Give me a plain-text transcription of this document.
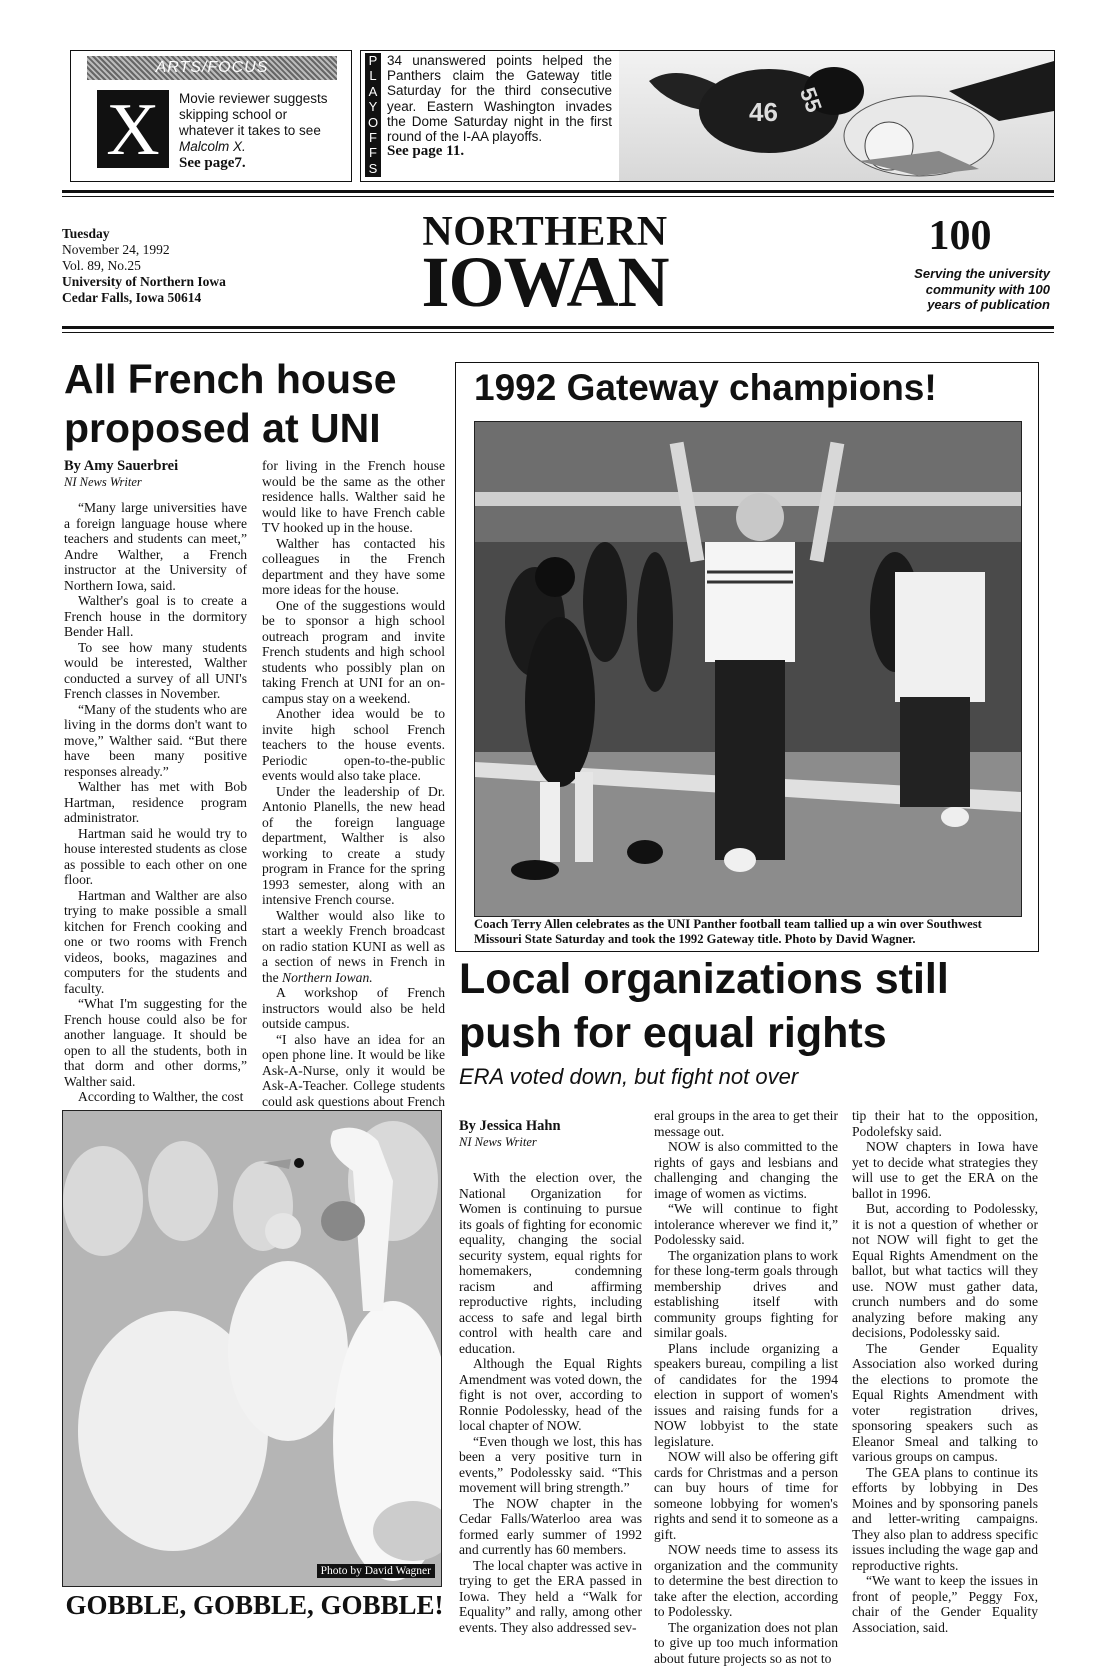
ARTS/FOCUS
X	Movie reviewer suggests
skipping school or
whatever it takes to see
Malcolm X.
See page7.
P
L
A
Y
O
F
F
S
34 unanswered points helped the Panthers claim the Gateway title Saturday for the third consecutive year. Eastern Washington invades the Dome Saturday night in the first round of the I-AA playoffs.
See page 11.
46 55
Tuesday
November 24, 1992
Vol. 89, No.25
University of Northern Iowa
Cedar Falls, Iowa 50614
NORTHERN
IOWAN
100
Serving the university
community with 100
years of publication
All French house proposed at UNI
By Amy Sauerbrei
NI News Writer

“Many large universities have a foreign language house where teachers and students can meet,” Andre Walther, a French instructor at the University of Northern Iowa, said.

Walther's goal is to create a French house in the dormitory Bender Hall.

To see how many students would be interested, Walther conducted a survey of all UNI's French classes in November.

“Many of the students who are living in the dorms don't want to move,” Walther said. “But there have been many positive responses already.”

Walther has met with Bob Hartman, residence program administrator.

Hartman said he would try to house interested students as close as possible to each other on one floor.

Hartman and Walther are also trying to make possible a small kitchen for French cooking and one or two rooms with French videos, books, magazines and computers for the students and faculty.

“What I'm suggesting for the French house could also be for another language. It should be open to all the students, both in that dorm and other dorms,” Walther said.

According to Walther, the cost

for living in the French house would be the same as the other residence halls. Walther said he would like to have French cable TV hooked up in the house.

Walther has contacted his colleagues in the French department and they have some more ideas for the house.

One of the suggestions would be to sponsor a high school outreach program and invite French students and high school students who possibly plan on taking French at UNI for an on-campus stay on a weekend.

Another idea would be to invite high school French teachers to the house events. Periodic open-to-the-public events would also take place.

Under the leadership of Dr. Antonio Planells, the new head of the foreign language department, Walther is also working to create a study program in France for the spring 1993 semester, along with an intensive French course.

Walther would also like to start a weekly French broadcast on radio station KUNI as well as a section of news in French in the Northern Iowan.

A workshop of French instructors would also be held outside campus.

“I also have an idea for an open phone line. It would be like Ask-A-Nurse, only it would be Ask-A-Teacher. College students could ask questions about French

1992 Gateway champions!
Coach Terry Allen celebrates as the UNI Panther football team tallied up a win over Southwest Missouri State Saturday and took the 1992 Gateway title. Photo by David Wagner.
Local organizations still push for equal rights
ERA voted down, but fight not over
By Jessica Hahn
NI News Writer

With the election over, the National Organization for Women is continuing to pursue its goals of fighting for economic equality, changing the social security system, equal rights for homemakers, condemning racism and affirming reproductive rights, including access to safe and legal birth control with health care and education.

Although the Equal Rights Amendment was voted down, the fight is not over, according to Ronnie Podolessky, head of the local chapter of NOW.

“Even though we lost, this has been a very positive turn in events,” Podolessky said. “This movement will bring strength.”

The NOW chapter in the Cedar Falls/Waterloo area was formed early summer of 1992 and currently has 60 members.

The local chapter was active in trying to get the ERA passed in Iowa. They held a “Walk for Equality” and rally, among other events. They also addressed sev-

eral groups in the area to get their message out.

NOW is also committed to the rights of gays and lesbians and challenging and changing the image of women as victims.

“We will continue to fight intolerance wherever we find it,” Podolessky said.

The organization plans to work for these long-term goals through membership drives and establishing itself with community groups fighting for similar goals.

Plans include organizing a speakers bureau, compiling a list of candidates for the 1994 election in support of women's issues and raising funds for a NOW lobbyist to the state legislature.

NOW will also be offering gift cards for Christmas and a person can buy hours of time for someone lobbying for women's rights and send it to someone as a gift.

NOW needs time to assess its organization and the community to determine the best direction to take after the election, according to Podolessky.

The organization does not plan to give up too much information about future projects so as not to

tip their hat to the opposition, Podolefsky said.

NOW chapters in Iowa have yet to decide what strategies they will use to get the ERA on the ballot in 1996.

But, according to Podolessky, it is not a question of whether or not NOW will fight to get the Equal Rights Amendment on the ballot, but what tactics will they use. NOW must gather data, crunch numbers and do some analyzing before making any decisions, Podolessky said.

The Gender Equality Association also worked during the elections to promote the Equal Rights Amendment with voter registration drives, sponsoring speakers such as Eleanor Smeal and talking to various groups on campus.

The GEA plans to continue its efforts by lobbying in Des Moines and by sponsoring panels and letter-writing campaigns. They also plan to address specific issues including the wage gap and reproductive rights.

“We want to keep the issues in front of people,” Peggy Fox, chair of the Gender Equality Association, said.

Photo by David Wagner
GOBBLE, GOBBLE, GOBBLE!
